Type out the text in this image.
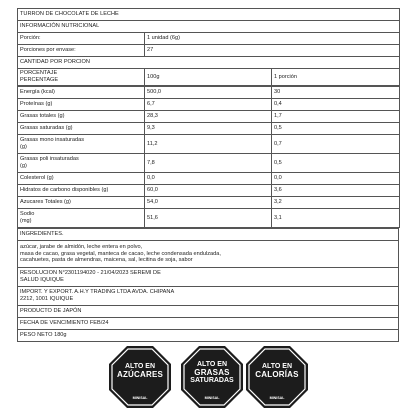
TURRON DE CHOCOLATE DE LECHE		
INFORMACIÓN NUTRICIONAL		
Porción:	1 unidad (6g)	
Porciones por envase:	27	
CANTIDAD POR PORCION		
PORCENTAJE
PERCENTAGE	100g	1 porción
Energía (kcal)	500,0	30
Proteínas (g)	6,7	0,4
Grasas totales (g)	28,3	1,7
Grasas saturadas (g)	9,3	0,5
Grasas mono insaturadas
(g)	11,2	0,7
Grasas poli insaturadas
(g)	7,8	0,5
Colesterol (g)	0,0	0,0
Hidratos de carbono disponibles (g)	60,0	3,6
Azucares Totales (g)	54,0	3,2
Sodio
(mg)	51,6	3,1
INGREDIENTES.
azúcar, jarabe de almidón, leche entera en polvo,
masa de cacao, grasa vegetal, manteca de cacao, leche condensada endulzada,
cacahuetes, pasta de almendras, maicena, sal, lecitina de soja, sabor
RESOLUCION N°2301194020 - 21/04/2023 SEREMI DE
SALUD IQUIQUE
IMPORT. Y EXPORT. A.H.Y TRADING LTDA AVDA. CHIPANA
2212, 1001 IQUIQUE
PRODUCTO DE JAPÓN
FECHA DE VENCIMIENTO FEB/24
PESO NETO 180g
ALTO EN
AZÚCARES
MINISAL
ALTO EN
GRASAS
SATURADAS
MINISAL
ALTO EN
CALORÍAS
MINISAL
